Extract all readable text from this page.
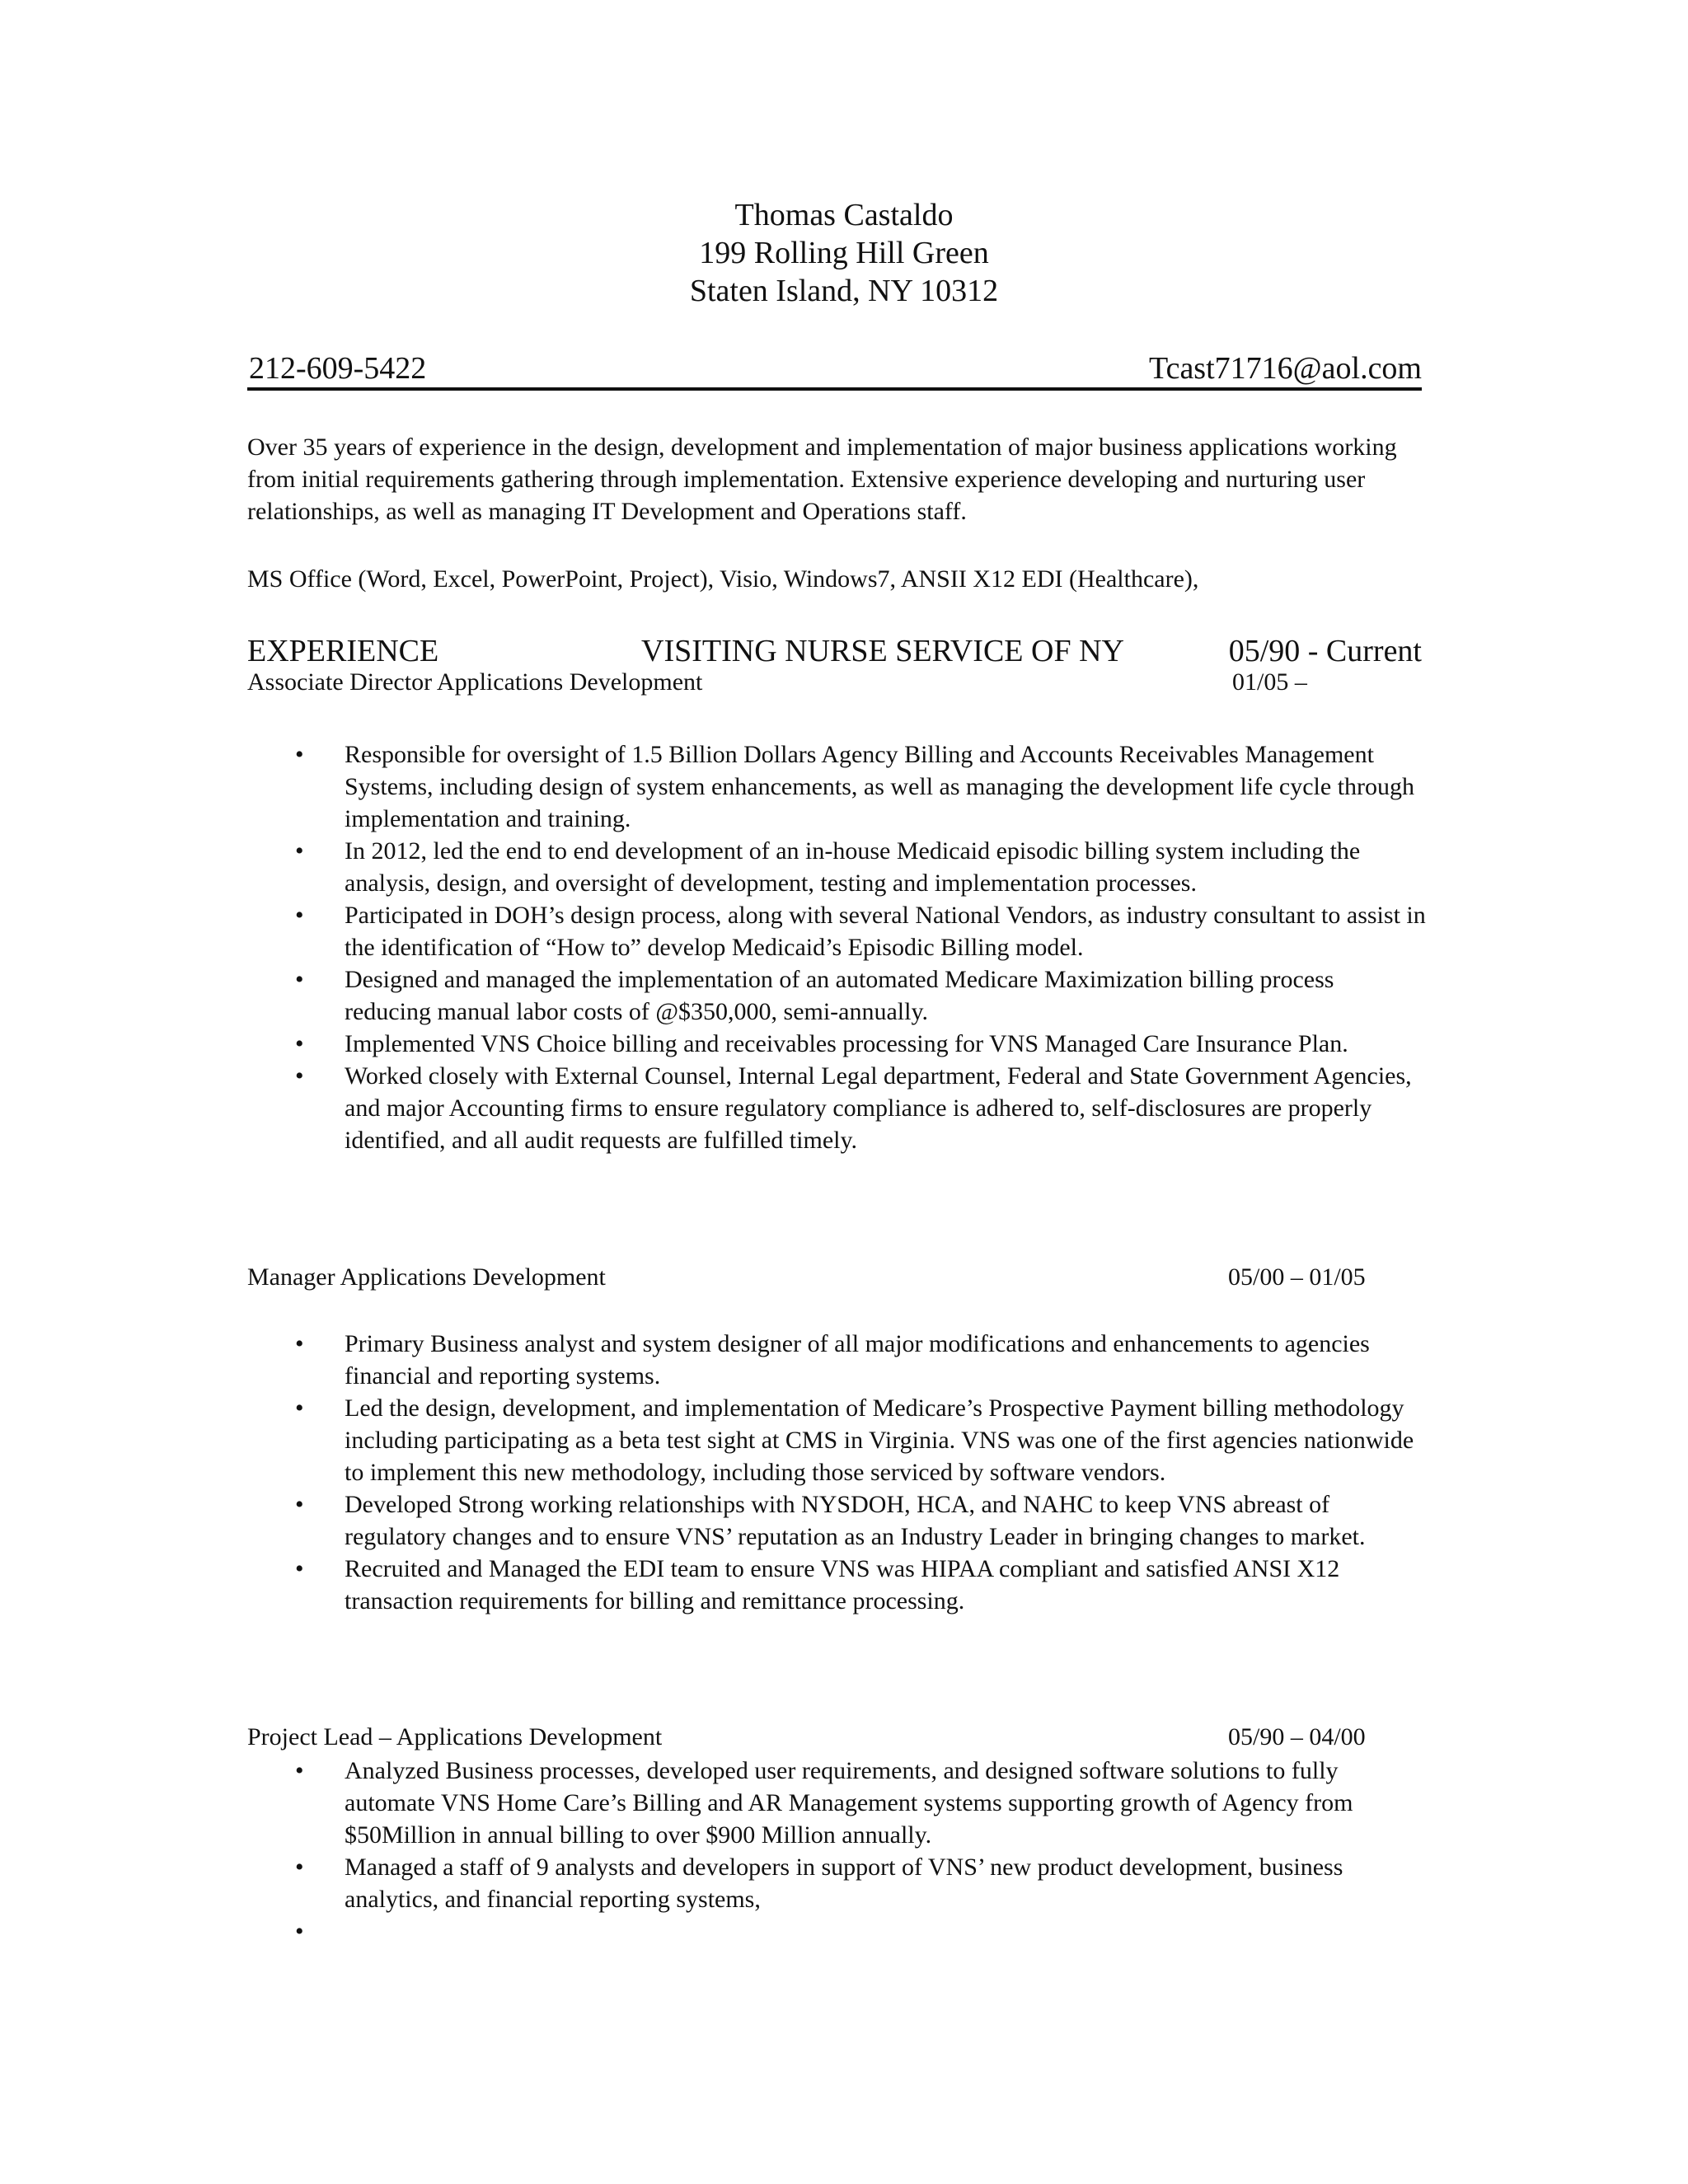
Thomas Castaldo
199 Rolling Hill Green
Staten Island, NY 10312
212-609-5422	Tcast71716@aol.com
Over 35 years of experience in the design, development and implementation of major business applications working from initial requirements gathering through implementation. Extensive experience developing and nurturing user relationships, as well as managing IT Development and Operations staff.
MS Office (Word, Excel, PowerPoint, Project), Visio, Windows7, ANSII X12 EDI (Healthcare),
EXPERIENCE	VISITING NURSE SERVICE OF NY	05/90 - Current
Associate Director Applications Development	01/05 –
• Responsible for oversight of 1.5 Billion Dollars Agency Billing and Accounts Receivables Management Systems, including design of system enhancements, as well as managing the development life cycle through implementation and training.
• In 2012, led the end to end development of an in-house Medicaid episodic billing system including the analysis, design, and oversight of development, testing and implementation processes.
• Participated in DOH’s design process, along with several National Vendors, as industry consultant to assist in the identification of “How to” develop Medicaid’s Episodic Billing model.
• Designed and managed the implementation of an automated Medicare Maximization billing process reducing manual labor costs of @$350,000, semi-annually.
• Implemented VNS Choice billing and receivables processing for VNS Managed Care Insurance Plan.
• Worked closely with External Counsel, Internal Legal department, Federal and State Government Agencies, and major Accounting firms to ensure regulatory compliance is adhered to, self-disclosures are properly identified, and all audit requests are fulfilled timely.
Manager Applications Development	05/00 – 01/05
• Primary Business analyst and system designer of all major modifications and enhancements to agencies financial and reporting systems.
• Led the design, development, and implementation of Medicare’s Prospective Payment billing methodology including participating as a beta test sight at CMS in Virginia. VNS was one of the first agencies nationwide to implement this new methodology, including those serviced by software vendors.
• Developed Strong working relationships with NYSDOH, HCA, and NAHC to keep VNS abreast of regulatory changes and to ensure VNS’ reputation as an Industry Leader in bringing changes to market.
• Recruited and Managed the EDI team to ensure VNS was HIPAA compliant and satisfied ANSI X12 transaction requirements for billing and remittance processing.
Project Lead – Applications Development	05/90 – 04/00
• Analyzed Business processes, developed user requirements, and designed software solutions to fully automate VNS Home Care’s Billing and AR Management systems supporting growth of Agency from $50Million in annual billing to over $900 Million annually.
• Managed a staff of 9 analysts and developers in support of VNS’ new product development, business analytics, and financial reporting systems,
•
